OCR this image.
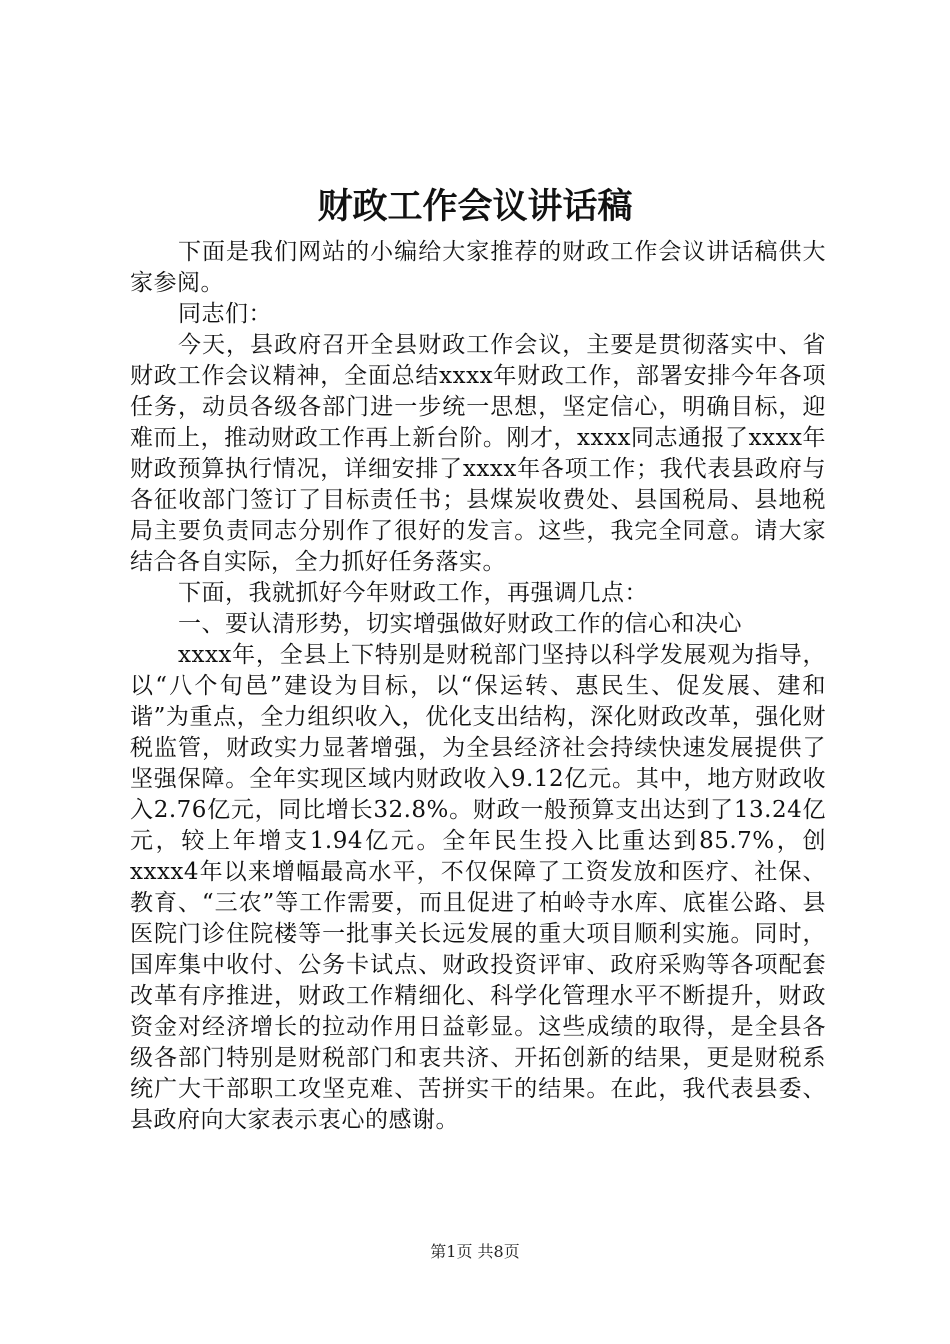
财政工作会议讲话稿

下面是我们网站的小编给大家推荐的财政工作会议讲话稿供大家参阅。

同志们：

今天，县政府召开全县财政工作会议，主要是贯彻落实中、省财政工作会议精神，全面总结xxxx年财政工作，部署安排今年各项任务，动员各级各部门进一步统一思想，坚定信心，明确目标，迎难而上，推动财政工作再上新台阶。刚才，xxxx同志通报了xxxx年财政预算执行情况，详细安排了xxxx年各项工作；我代表县政府与各征收部门签订了目标责任书；县煤炭收费处、县国税局、县地税局主要负责同志分别作了很好的发言。这些，我完全同意。请大家结合各自实际，全力抓好任务落实。

下面，我就抓好今年财政工作，再强调几点：

一、要认清形势，切实增强做好财政工作的信心和决心

xxxx年，全县上下特别是财税部门坚持以科学发展观为指导，以“八个旬邑”建设为目标，以“保运转、惠民生、促发展、建和谐”为重点，全力组织收入，优化支出结构，深化财政改革，强化财税监管，财政实力显著增强，为全县经济社会持续快速发展提供了坚强保障。全年实现区域内财政收入9.12亿元。其中，地方财政收入2.76亿元，同比增长32.8%。财政一般预算支出达到了13.24亿元，较上年增支1.94亿元。全年民生投入比重达到85.7%，创xxxx4年以来增幅最高水平，不仅保障了工资发放和医疗、社保、教育、“三农”等工作需要，而且促进了柏岭寺水库、底崔公路、县医院门诊住院楼等一批事关长远发展的重大项目顺利实施。同时，国库集中收付、公务卡试点、财政投资评审、政府采购等各项配套改革有序推进，财政工作精细化、科学化管理水平不断提升，财政资金对经济增长的拉动作用日益彰显。这些成绩的取得，是全县各级各部门特别是财税部门和衷共济、开拓创新的结果，更是财税系统广大干部职工攻坚克难、苦拼实干的结果。在此，我代表县委、县政府向大家表示衷心的感谢。

第1页 共8页
